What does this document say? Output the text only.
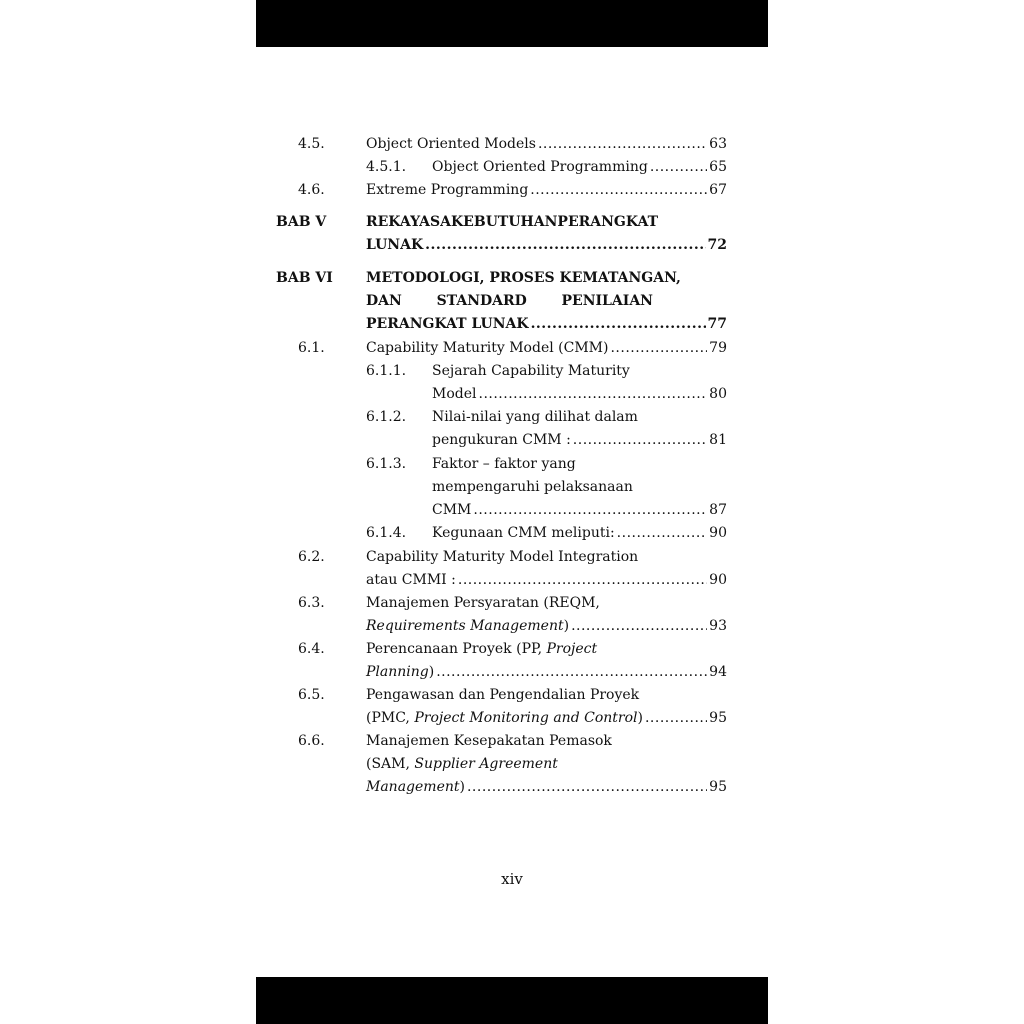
4.5.	Object Oriented Models .....	63
4.5.1. Object Oriented Programming .....	65
4.6.	Extreme Programming .....	67
BAB V	REKAYASA KEBUTUHAN PERANGKAT
LUNAK .....	72
BAB VI METODOLOGI, PROSES KEMATANGAN,
DAN STANDARD PENILAIAN
PERANGKAT LUNAK .....	77
6.1.	Capability Maturity Model (CMM) .....	79
6.1.1. Sejarah Capability Maturity
Model .....	80
6.1.2. Nilai-nilai yang dilihat dalam
pengukuran CMM : .....	81
6.1.3. Faktor – faktor yang
mempengaruhi pelaksanaan
CMM .....	87
6.1.4. Kegunaan CMM meliputi: .....	90
6.2.	Capability Maturity Model Integration
atau CMMI : .....	90
6.3.	Manajemen Persyaratan (REQM,
Requirements Management) .....	93
6.4.	Perencanaan Proyek (PP, Project
Planning) .....	94
6.5.	Pengawasan dan Pengendalian Proyek
(PMC, Project Monitoring and Control) .....	95
6.6.	Manajemen Kesepakatan Pemasok
(SAM, Supplier Agreement
Management) .....	95
xiv
